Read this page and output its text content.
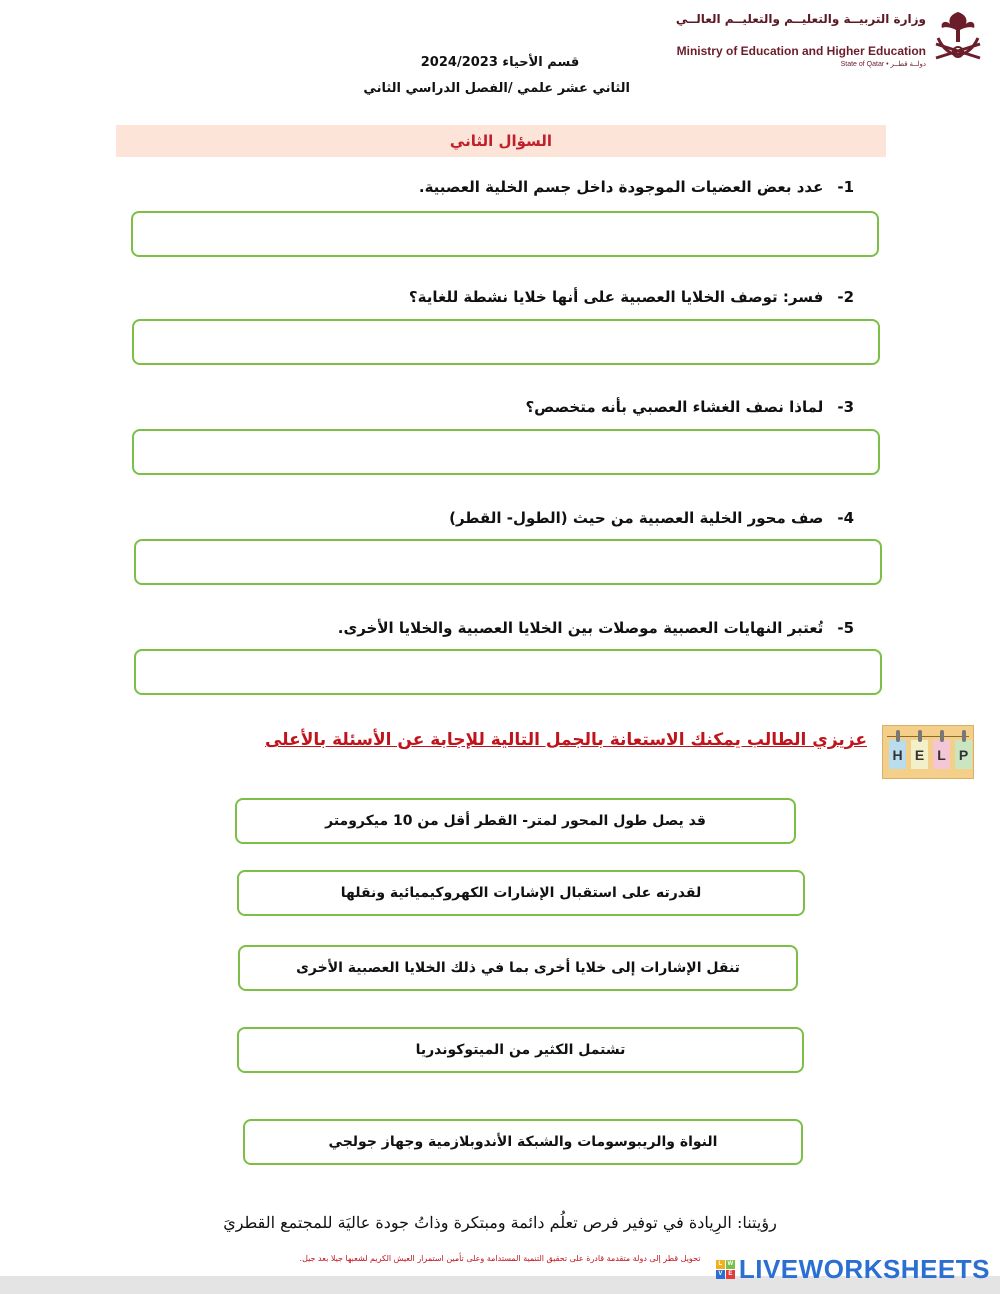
وزارة التربيــة والتعليــم والتعليــم العالــي
Ministry of Education and Higher Education
State of Qatar • دولــة قطــر
قسم الأحياء 2024/2023
الثاني عشر علمي /الفصل الدراسي الثاني
السؤال الثاني
1-عدد بعض العضيات الموجودة داخل جسم الخلية العصبية.
2-فسر: توصف الخلايا العصبية على أنها خلايا نشطة للغاية؟
3-لماذا نصف الغشاء العصبي بأنه متخصص؟
4-صف محور الخلية العصبية من حيث (الطول- القطر)
5-تُعتبر النهايات العصبية موصلات بين الخلايا العصبية والخلايا الأخرى.
عزيزي الطالب يمكنك الاستعانة بالجمل التالية للإجابة عن الأسئلة بالأعلى
H E L P
قد يصل طول المحور لمتر- القطر أقل من 10 ميكرومتر
لقدرته على استقبال الإشارات الكهروكيميائية ونقلها
تنقل الإشارات إلى خلايا أخرى بما في ذلك الخلايا العصبية الأخرى
تشتمل الكثير من الميتوكوندريا
النواة والريبوسومات والشبكة الأندوبلازمية وجهاز جولجي
رؤيتنا: الرِيادة في توفير فرص تعلُم دائمة ومبتكرة وذاتُ جودة عاليَة للمجتمع القطريَ
تحويل قطر إلى دولة متقدمة قادرة على تحقيق التنمية المستدامة وعلى تأمين استمرار العيش الكريم لشعبها جيلا بعد جيل.
L W
V E LIVEWORKSHEETS
